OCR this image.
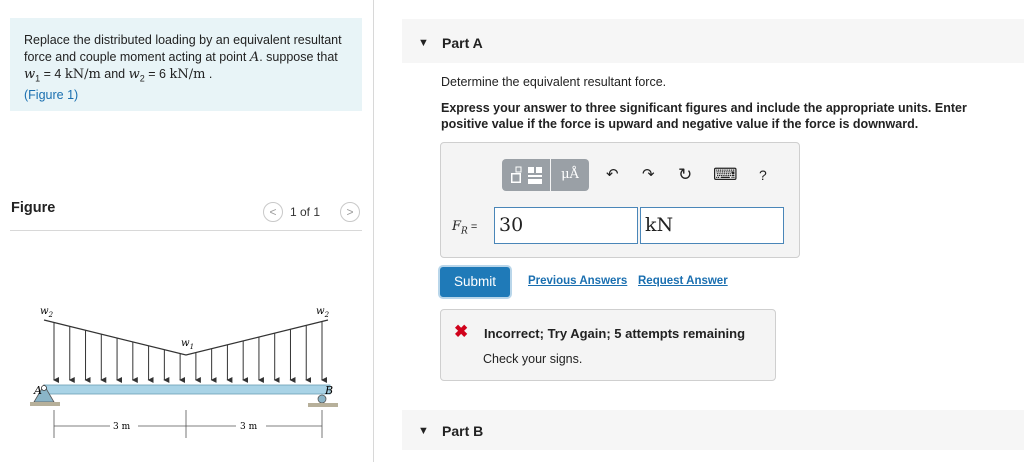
Replace the distributed loading by an equivalent resultant force and couple moment acting at point A. suppose that $w_1 = 4$ kN/m and $w_2 = 6$ kN/m .
(Figure 1)
Figure	<	1 of 1	>
$w_2$
$w_1$
$w_2$
A	B
3 m	3 m
▼ Part A
Determine the equivalent resultant force.
Express your answer to three significant figures and include the appropriate units. Enter positive value if the force is upward and negative value if the force is downward.
μÅ	↶ ↷ ↻ ⌨ ?
$F_R = 30$	kN
Submit	Previous Answers Request Answer
✖ Incorrect; Try Again; 5 attempts remaining
Check your signs.
▼ Part B
